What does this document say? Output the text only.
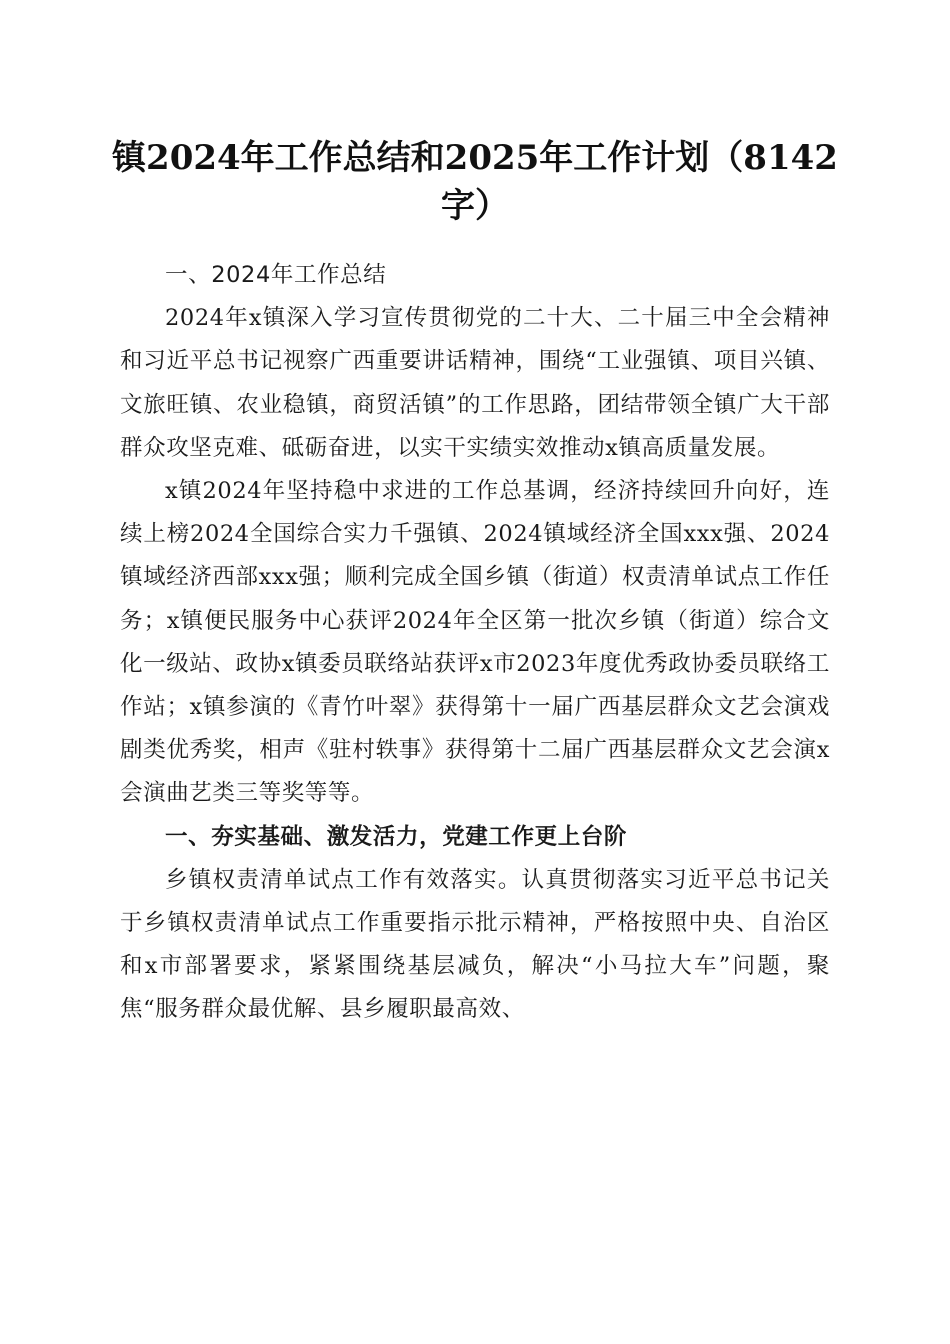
镇2024年工作总结和2025年工作计划（8142字）

一、2024年工作总结

2024年x镇深入学习宣传贯彻党的二十大、二十届三中全会精神和习近平总书记视察广西重要讲话精神，围绕“工业强镇、项目兴镇、文旅旺镇、农业稳镇，商贸活镇”的工作思路，团结带领全镇广大干部群众攻坚克难、砥砺奋进，以实干实绩实效推动x镇高质量发展。

x镇2024年坚持稳中求进的工作总基调，经济持续回升向好，连续上榜2024全国综合实力千强镇、2024镇域经济全国xxx强、2024镇域经济西部xxx强；顺利完成全国乡镇（街道）权责清单试点工作任务；x镇便民服务中心获评2024年全区第一批次乡镇（街道）综合文化一级站、政协x镇委员联络站获评x市2023年度优秀政协委员联络工作站；x镇参演的《青竹叶翠》获得第十一届广西基层群众文艺会演戏剧类优秀奖，相声《驻村轶事》获得第十二届广西基层群众文艺会演x会演曲艺类三等奖等等。

一、夯实基础、激发活力，党建工作更上台阶

乡镇权责清单试点工作有效落实。认真贯彻落实习近平总书记关于乡镇权责清单试点工作重要指示批示精神，严格按照中央、自治区和x市部署要求，紧紧围绕基层减负，解决“小马拉大车”问题，聚焦“服务群众最优解、县乡履职最高效、
